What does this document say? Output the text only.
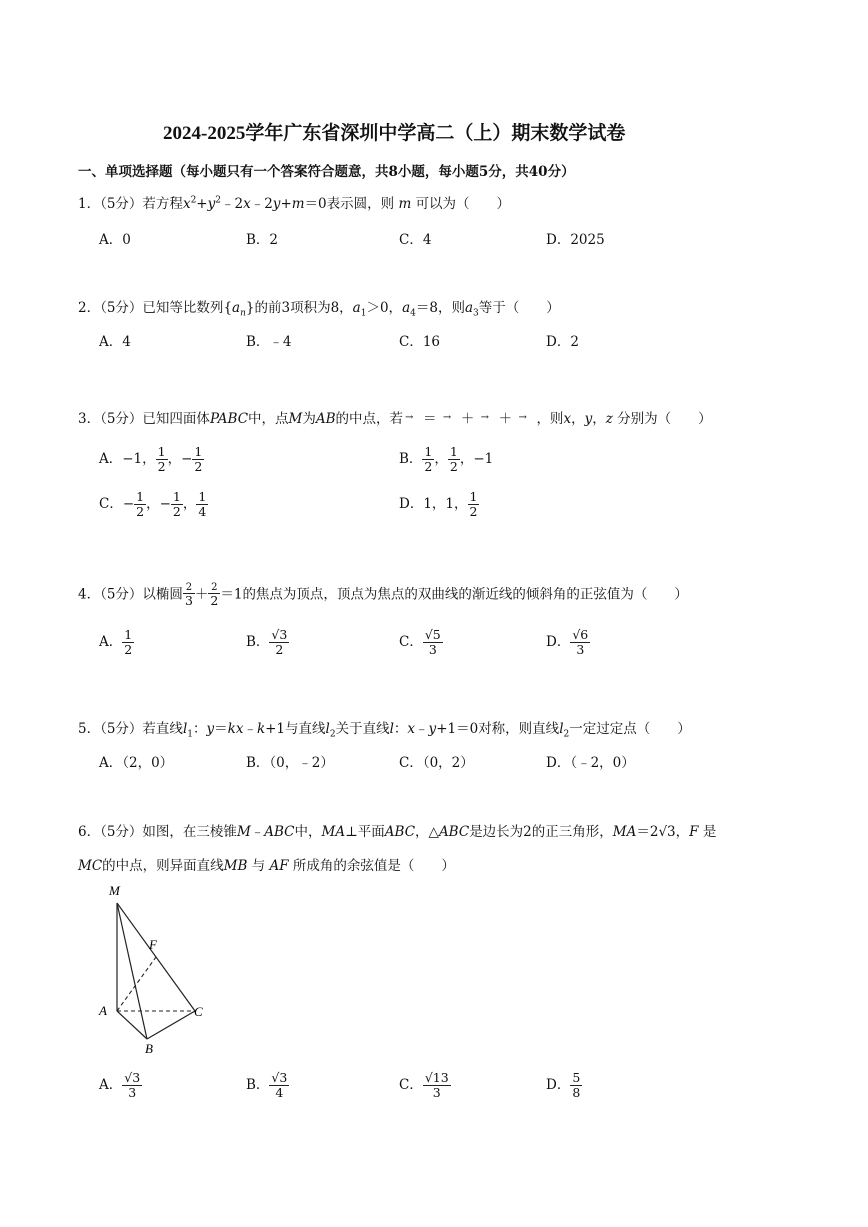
2024-2025学年广东省深圳中学高二（上）期末数学试卷
一、单项选择题（每小题只有一个答案符合题意，共8小题，每小题5分，共40分）
1．（5分）若方程$x^2+y^2﹣2x﹣2y+m=0$表示圆，则 m 可以为（　　）
A．0	B．2	C．4	D．2025
2．（5分）已知等比数列$\{a_n\}$的前3项积为8，$a_1>0$，$a_4=8$，则$a_3$等于（　　）
A．4	B．﹣4	C．16	D．2
3．（5分）已知四面体PABC中，点M为AB的中点，若 ＝ ＋ ＋ ，则x，y，z 分别为（　　）
A．−1， $\frac{1}{2}$ ，− $\frac{1}{2}$	B． $\frac{1}{2}$ ， $\frac{1}{2}$ ，−1
C．− $\frac{1}{2}$ ，− $\frac{1}{2}$ ， $\frac{1}{4}$	D．1，1， $\frac{1}{2}$
4．（5分）以椭圆 $\frac{2}{3} + \frac{2}{2} =1$的焦点为顶点，顶点为焦点的双曲线的渐近线的倾斜角的正弦值为（　　）
A． $\frac{1}{2}$	B． $\frac{√3}{2}$	C． $\frac{√5}{3}$	D． $\frac{√6}{3}$
5．（5分）若直线$l_1$：y＝kx﹣k+1与直线$l_2$关于直线l：x﹣y+1＝0对称，则直线$l_2$一定过定点（　　）
A．（2，0）	B．（0，﹣2）	C．（0，2）	D．（﹣2，0）
6．（5分）如图，在三棱锥M﹣ABC中，MA⊥平面ABC，△ABC是边长为2的正三角形，MA＝2√3，F 是
MC的中点，则异面直线MB 与 AF 所成角的余弦值是（　　）
M
F
A	C
B
A． $\frac{√3}{3}$	B． $\frac{√3}{4}$	C． $\frac{√13}{3}$	D． $\frac{5}{8}$
